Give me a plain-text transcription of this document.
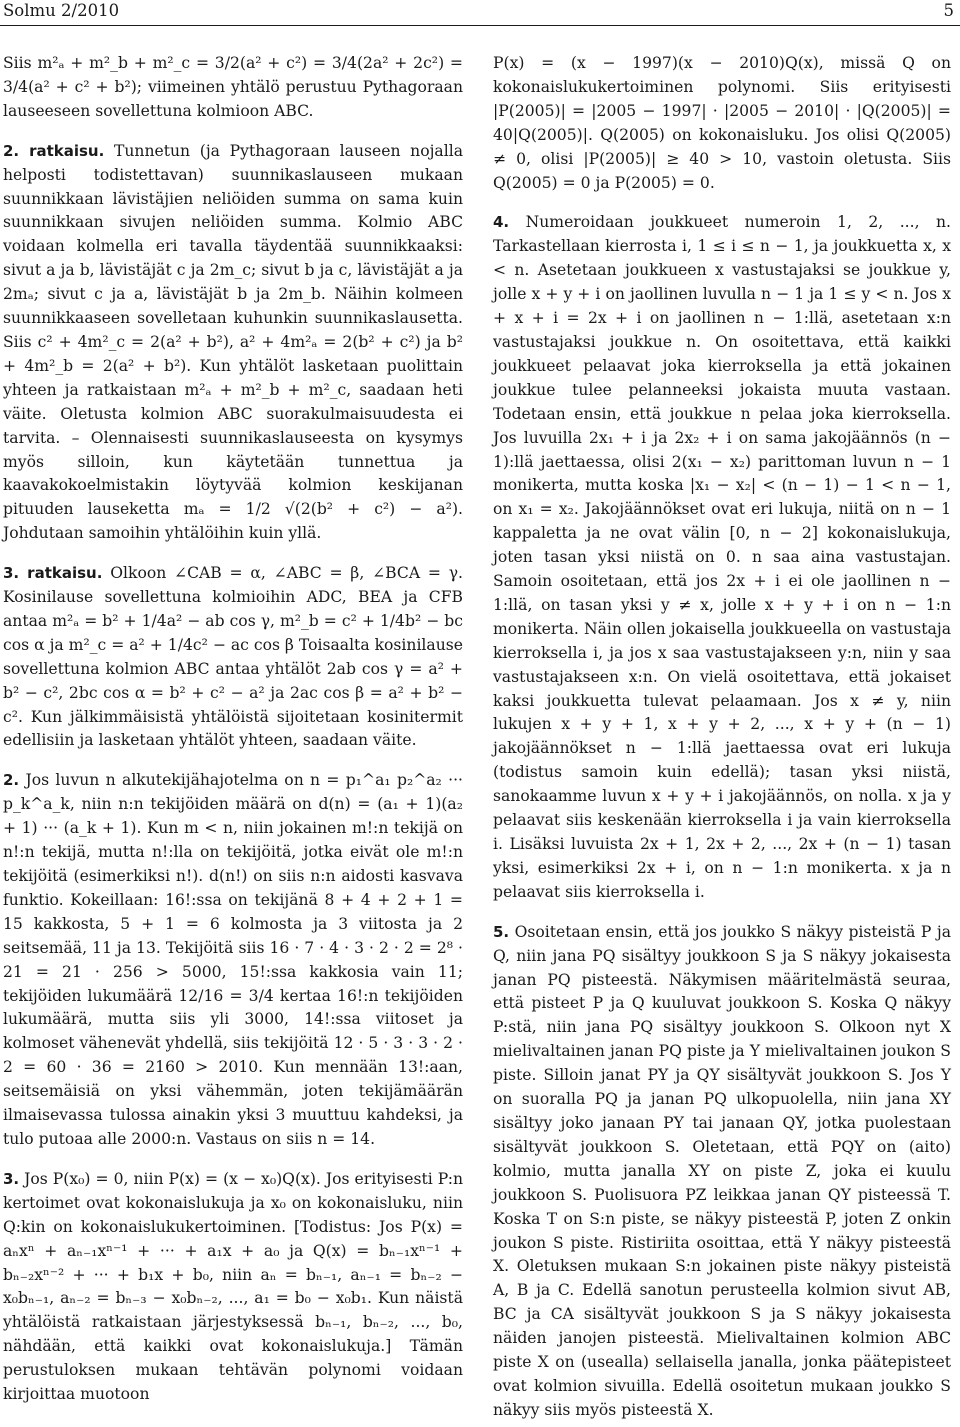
Solmu 2/2010	5

Siis m²ₐ + m²_b + m²_c = 3/2(a² + c²) = 3/4(2a² + 2c²) = 3/4(a² + c² + b²); viimeinen yhtälö perustuu Pythagoraan lauseeseen sovellettuna kolmioon ABC.

2. ratkaisu. Tunnetun (ja Pythagoraan lauseen nojalla helposti todistettavan) suunnikaslauseen mukaan suunnikkaan lävistäjien neliöiden summa on sama kuin suunnikkaan sivujen neliöiden summa. Kolmio ABC voidaan kolmella eri tavalla täydentää suunnikkaaksi: sivut a ja b, lävistäjät c ja 2m_c; sivut b ja c, lävistäjät a ja 2mₐ; sivut c ja a, lävistäjät b ja 2m_b. Näihin kolmeen suunnikkaaseen sovelletaan kuhunkin suunnikaslausetta. Siis c² + 4m²_c = 2(a² + b²), a² + 4m²ₐ = 2(b² + c²) ja b² + 4m²_b = 2(a² + b²). Kun yhtälöt lasketaan puolittain yhteen ja ratkaistaan m²ₐ + m²_b + m²_c, saadaan heti väite. Oletusta kolmion ABC suorakulmaisuudesta ei tarvita. – Olennaisesti suunnikaslauseesta on kysymys myös silloin, kun käytetään tunnettua ja kaavakokoelmistakin löytyvää kolmion keskijanan pituuden lauseketta mₐ = 1/2 √(2(b² + c²) − a²). Johdutaan samoihin yhtälöihin kuin yllä.

3. ratkaisu. Olkoon ∠CAB = α, ∠ABC = β, ∠BCA = γ. Kosinilause sovellettuna kolmioihin ADC, BEA ja CFB antaa m²ₐ = b² + 1/4a² − ab cos γ, m²_b = c² + 1/4b² − bc cos α ja m²_c = a² + 1/4c² − ac cos β Toisaalta kosinilause sovellettuna kolmion ABC antaa yhtälöt 2ab cos γ = a² + b² − c², 2bc cos α = b² + c² − a² ja 2ac cos β = a² + b² − c². Kun jälkimmäisistä yhtälöistä sijoitetaan kosinitermit edellisiin ja lasketaan yhtälöt yhteen, saadaan väite.

2. Jos luvun n alkutekijähajotelma on n = p₁^a₁ p₂^a₂ ··· p_k^a_k, niin n:n tekijöiden määrä on d(n) = (a₁ + 1)(a₂ + 1) ··· (a_k + 1). Kun m < n, niin jokainen m!:n tekijä on n!:n tekijä, mutta n!:lla on tekijöitä, jotka eivät ole m!:n tekijöitä (esimerkiksi n!). d(n!) on siis n:n aidosti kasvava funktio. Kokeillaan: 16!:ssa on tekijänä 8 + 4 + 2 + 1 = 15 kakkosta, 5 + 1 = 6 kolmosta ja 3 viitosta ja 2 seitsemää, 11 ja 13. Tekijöitä siis 16 · 7 · 4 · 3 · 2 · 2 = 2⁸ · 21 = 21 · 256 > 5000, 15!:ssa kakkosia vain 11; tekijöiden lukumäärä 12/16 = 3/4 kertaa 16!:n tekijöiden lukumäärä, mutta siis yli 3000, 14!:ssa viitoset ja kolmoset vähenevät yhdellä, siis tekijöitä 12 · 5 · 3 · 3 · 2 · 2 = 60 · 36 = 2160 > 2010. Kun mennään 13!:aan, seitsemäisiä on yksi vähemmän, joten tekijämäärän ilmaisevassa tulossa ainakin yksi 3 muuttuu kahdeksi, ja tulo putoaa alle 2000:n. Vastaus on siis n = 14.

3. Jos P(x₀) = 0, niin P(x) = (x − x₀)Q(x). Jos erityisesti P:n kertoimet ovat kokonaislukuja ja x₀ on kokonaisluku, niin Q:kin on kokonaislukukertoiminen. [Todistus: Jos P(x) = aₙxⁿ + aₙ₋₁xⁿ⁻¹ + ··· + a₁x + a₀ ja Q(x) = bₙ₋₁xⁿ⁻¹ + bₙ₋₂xⁿ⁻² + ··· + b₁x + b₀, niin aₙ = bₙ₋₁, aₙ₋₁ = bₙ₋₂ − x₀bₙ₋₁, aₙ₋₂ = bₙ₋₃ − x₀bₙ₋₂, ..., a₁ = b₀ − x₀b₁. Kun näistä yhtälöistä ratkaistaan järjestyksessä bₙ₋₁, bₙ₋₂, ..., b₀, nähdään, että kaikki ovat kokonaislukuja.] Tämän perustuloksen mukaan tehtävän polynomi voidaan kirjoittaa muotoon

P(x) = (x − 1997)(x − 2010)Q(x), missä Q on kokonaislukukertoiminen polynomi. Siis erityisesti |P(2005)| = |2005 − 1997| · |2005 − 2010| · |Q(2005)| = 40|Q(2005)|. Q(2005) on kokonaisluku. Jos olisi Q(2005) ≠ 0, olisi |P(2005)| ≥ 40 > 10, vastoin oletusta. Siis Q(2005) = 0 ja P(2005) = 0.

4. Numeroidaan joukkueet numeroin 1, 2, ..., n. Tarkastellaan kierrosta i, 1 ≤ i ≤ n − 1, ja joukkuetta x, x < n. Asetetaan joukkueen x vastustajaksi se joukkue y, jolle x + y + i on jaollinen luvulla n − 1 ja 1 ≤ y < n. Jos x + x + i = 2x + i on jaollinen n − 1:llä, asetetaan x:n vastustajaksi joukkue n. On osoitettava, että kaikki joukkueet pelaavat joka kierroksella ja että jokainen joukkue tulee pelanneeksi jokaista muuta vastaan. Todetaan ensin, että joukkue n pelaa joka kierroksella. Jos luvuilla 2x₁ + i ja 2x₂ + i on sama jakojäännös (n − 1):llä jaettaessa, olisi 2(x₁ − x₂) parittoman luvun n − 1 monikerta, mutta koska |x₁ − x₂| < (n − 1) − 1 < n − 1, on x₁ = x₂. Jakojäännökset ovat eri lukuja, niitä on n − 1 kappaletta ja ne ovat välin [0, n − 2] kokonaislukuja, joten tasan yksi niistä on 0. n saa aina vastustajan. Samoin osoitetaan, että jos 2x + i ei ole jaollinen n − 1:llä, on tasan yksi y ≠ x, jolle x + y + i on n − 1:n monikerta. Näin ollen jokaisella joukkueella on vastustaja kierroksella i, ja jos x saa vastustajakseen y:n, niin y saa vastustajakseen x:n. On vielä osoitettava, että jokaiset kaksi joukkuetta tulevat pelaamaan. Jos x ≠ y, niin lukujen x + y + 1, x + y + 2, ..., x + y + (n − 1) jakojäännökset n − 1:llä jaettaessa ovat eri lukuja (todistus samoin kuin edellä); tasan yksi niistä, sanokaamme luvun x + y + i jakojäännös, on nolla. x ja y pelaavat siis keskenään kierroksella i ja vain kierroksella i. Lisäksi luvuista 2x + 1, 2x + 2, ..., 2x + (n − 1) tasan yksi, esimerkiksi 2x + i, on n − 1:n monikerta. x ja n pelaavat siis kierroksella i.

5. Osoitetaan ensin, että jos joukko S näkyy pisteistä P ja Q, niin jana PQ sisältyy joukkoon S ja S näkyy jokaisesta janan PQ pisteestä. Näkymisen määritelmästä seuraa, että pisteet P ja Q kuuluvat joukkoon S. Koska Q näkyy P:stä, niin jana PQ sisältyy joukkoon S. Olkoon nyt X mielivaltainen janan PQ piste ja Y mielivaltainen joukon S piste. Silloin janat PY ja QY sisältyvät joukkoon S. Jos Y on suoralla PQ ja janan PQ ulkopuolella, niin jana XY sisältyy joko janaan PY tai janaan QY, jotka puolestaan sisältyvät joukkoon S. Oletetaan, että PQY on (aito) kolmio, mutta janalla XY on piste Z, joka ei kuulu joukkoon S. Puolisuora PZ leikkaa janan QY pisteessä T. Koska T on S:n piste, se näkyy pisteestä P, joten Z onkin joukon S piste. Ristiriita osoittaa, että Y näkyy pisteestä X. Oletuksen mukaan S:n jokainen piste näkyy pisteistä A, B ja C. Edellä sanotun perusteella kolmion sivut AB, BC ja CA sisältyvät joukkoon S ja S näkyy jokaisesta näiden janojen pisteestä. Mielivaltainen kolmion ABC piste X on (usealla) sellaisella janalla, jonka päätepisteet ovat kolmion sivuilla. Edellä osoitetun mukaan joukko S näkyy siis myös pisteestä X.
